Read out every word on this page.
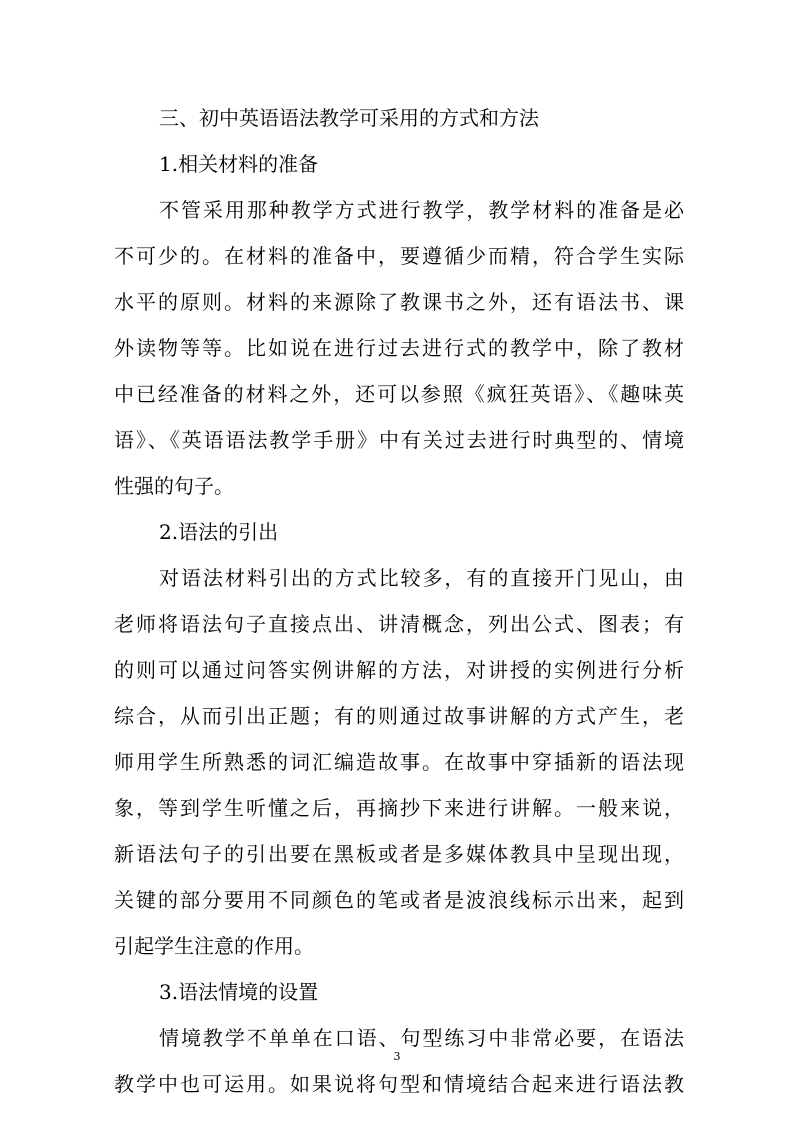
三、初中英语语法教学可采用的方式和方法
1.相关材料的准备
不管采用那种教学方式进行教学，教学材料的准备是必
不可少的。在材料的准备中，要遵循少而精，符合学生实际
水平的原则。材料的来源除了教课书之外，还有语法书、课
外读物等等。比如说在进行过去进行式的教学中，除了教材
中已经准备的材料之外，还可以参照《疯狂英语》、《趣味英
语》、《英语语法教学手册》中有关过去进行时典型的、情境
性强的句子。
2.语法的引出
对语法材料引出的方式比较多，有的直接开门见山，由
老师将语法句子直接点出、讲清概念，列出公式、图表；有
的则可以通过问答实例讲解的方法，对讲授的实例进行分析
综合，从而引出正题；有的则通过故事讲解的方式产生，老
师用学生所熟悉的词汇编造故事。在故事中穿插新的语法现
象，等到学生听懂之后，再摘抄下来进行讲解。一般来说，
新语法句子的引出要在黑板或者是多媒体教具中呈现出现，
关键的部分要用不同颜色的笔或者是波浪线标示出来，起到
引起学生注意的作用。
3.语法情境的设置
情境教学不单单在口语、句型练习中非常必要，在语法
教学中也可运用。如果说将句型和情境结合起来进行语法教
3
